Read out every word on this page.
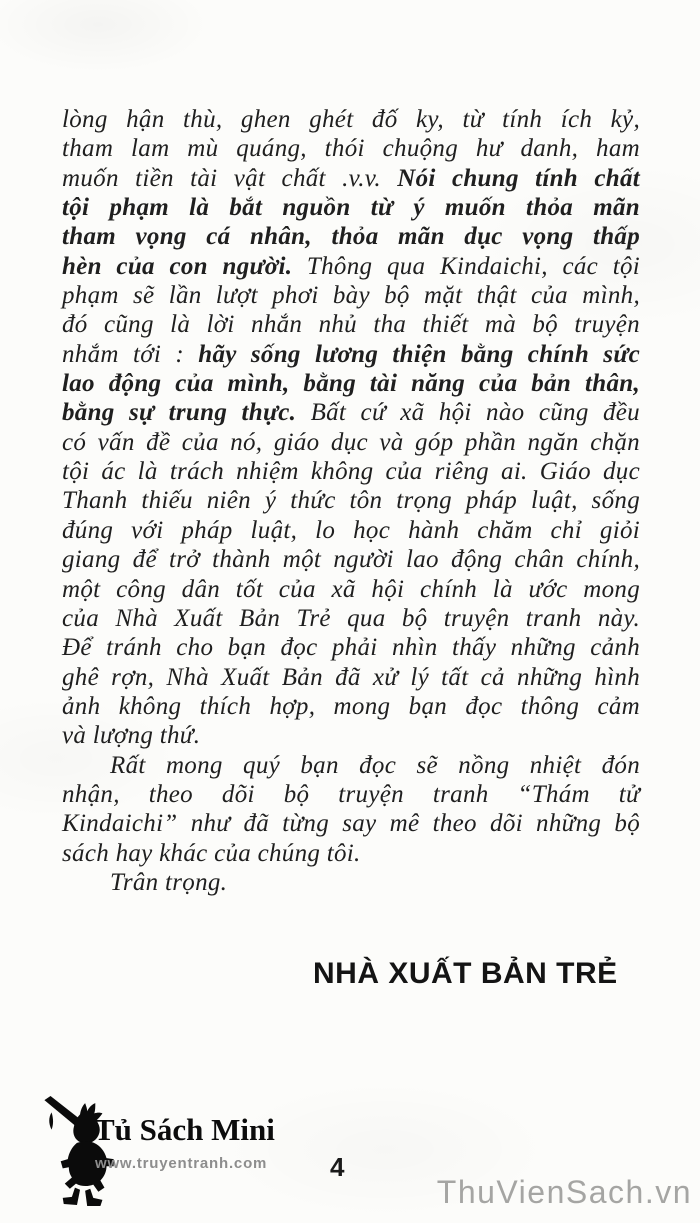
lòng hận thù, ghen ghét đố ky, từ tính ích kỷ,
tham lam mù quáng, thói chuộng hư danh, ham
muốn tiền tài vật chất .v.v. Nói chung tính chất
tội phạm là bắt nguồn từ ý muốn thỏa mãn
tham vọng cá nhân, thỏa mãn dục vọng thấp
hèn của con người. Thông qua Kindaichi, các tội
phạm sẽ lần lượt phơi bày bộ mặt thật của mình,
đó cũng là lời nhắn nhủ tha thiết mà bộ truyện
nhắm tới : hãy sống lương thiện bằng chính sức
lao động của mình, bằng tài năng của bản thân,
bằng sự trung thực. Bất cứ xã hội nào cũng đều
có vấn đề của nó, giáo dục và góp phần ngăn chặn
tội ác là trách nhiệm không của riêng ai. Giáo dục
Thanh thiếu niên ý thức tôn trọng pháp luật, sống
đúng với pháp luật, lo học hành chăm chỉ giỏi
giang để trở thành một người lao động chân chính,
một công dân tốt của xã hội chính là ước mong
của Nhà Xuất Bản Trẻ qua bộ truyện tranh này.
Để tránh cho bạn đọc phải nhìn thấy những cảnh
ghê rợn, Nhà Xuất Bản đã xử lý tất cả những hình
ảnh không thích hợp, mong bạn đọc thông cảm
và lượng thứ.
Rất mong quý bạn đọc sẽ nồng nhiệt đón
nhận, theo dõi bộ truyện tranh “Thám tử
Kindaichi” như đã từng say mê theo dõi những bộ
sách hay khác của chúng tôi.
Trân trọng.
NHÀ XUẤT BẢN TRẺ
Tủ Sách Mini
www.truyentranh.com 4
ThuVienSach.vn
